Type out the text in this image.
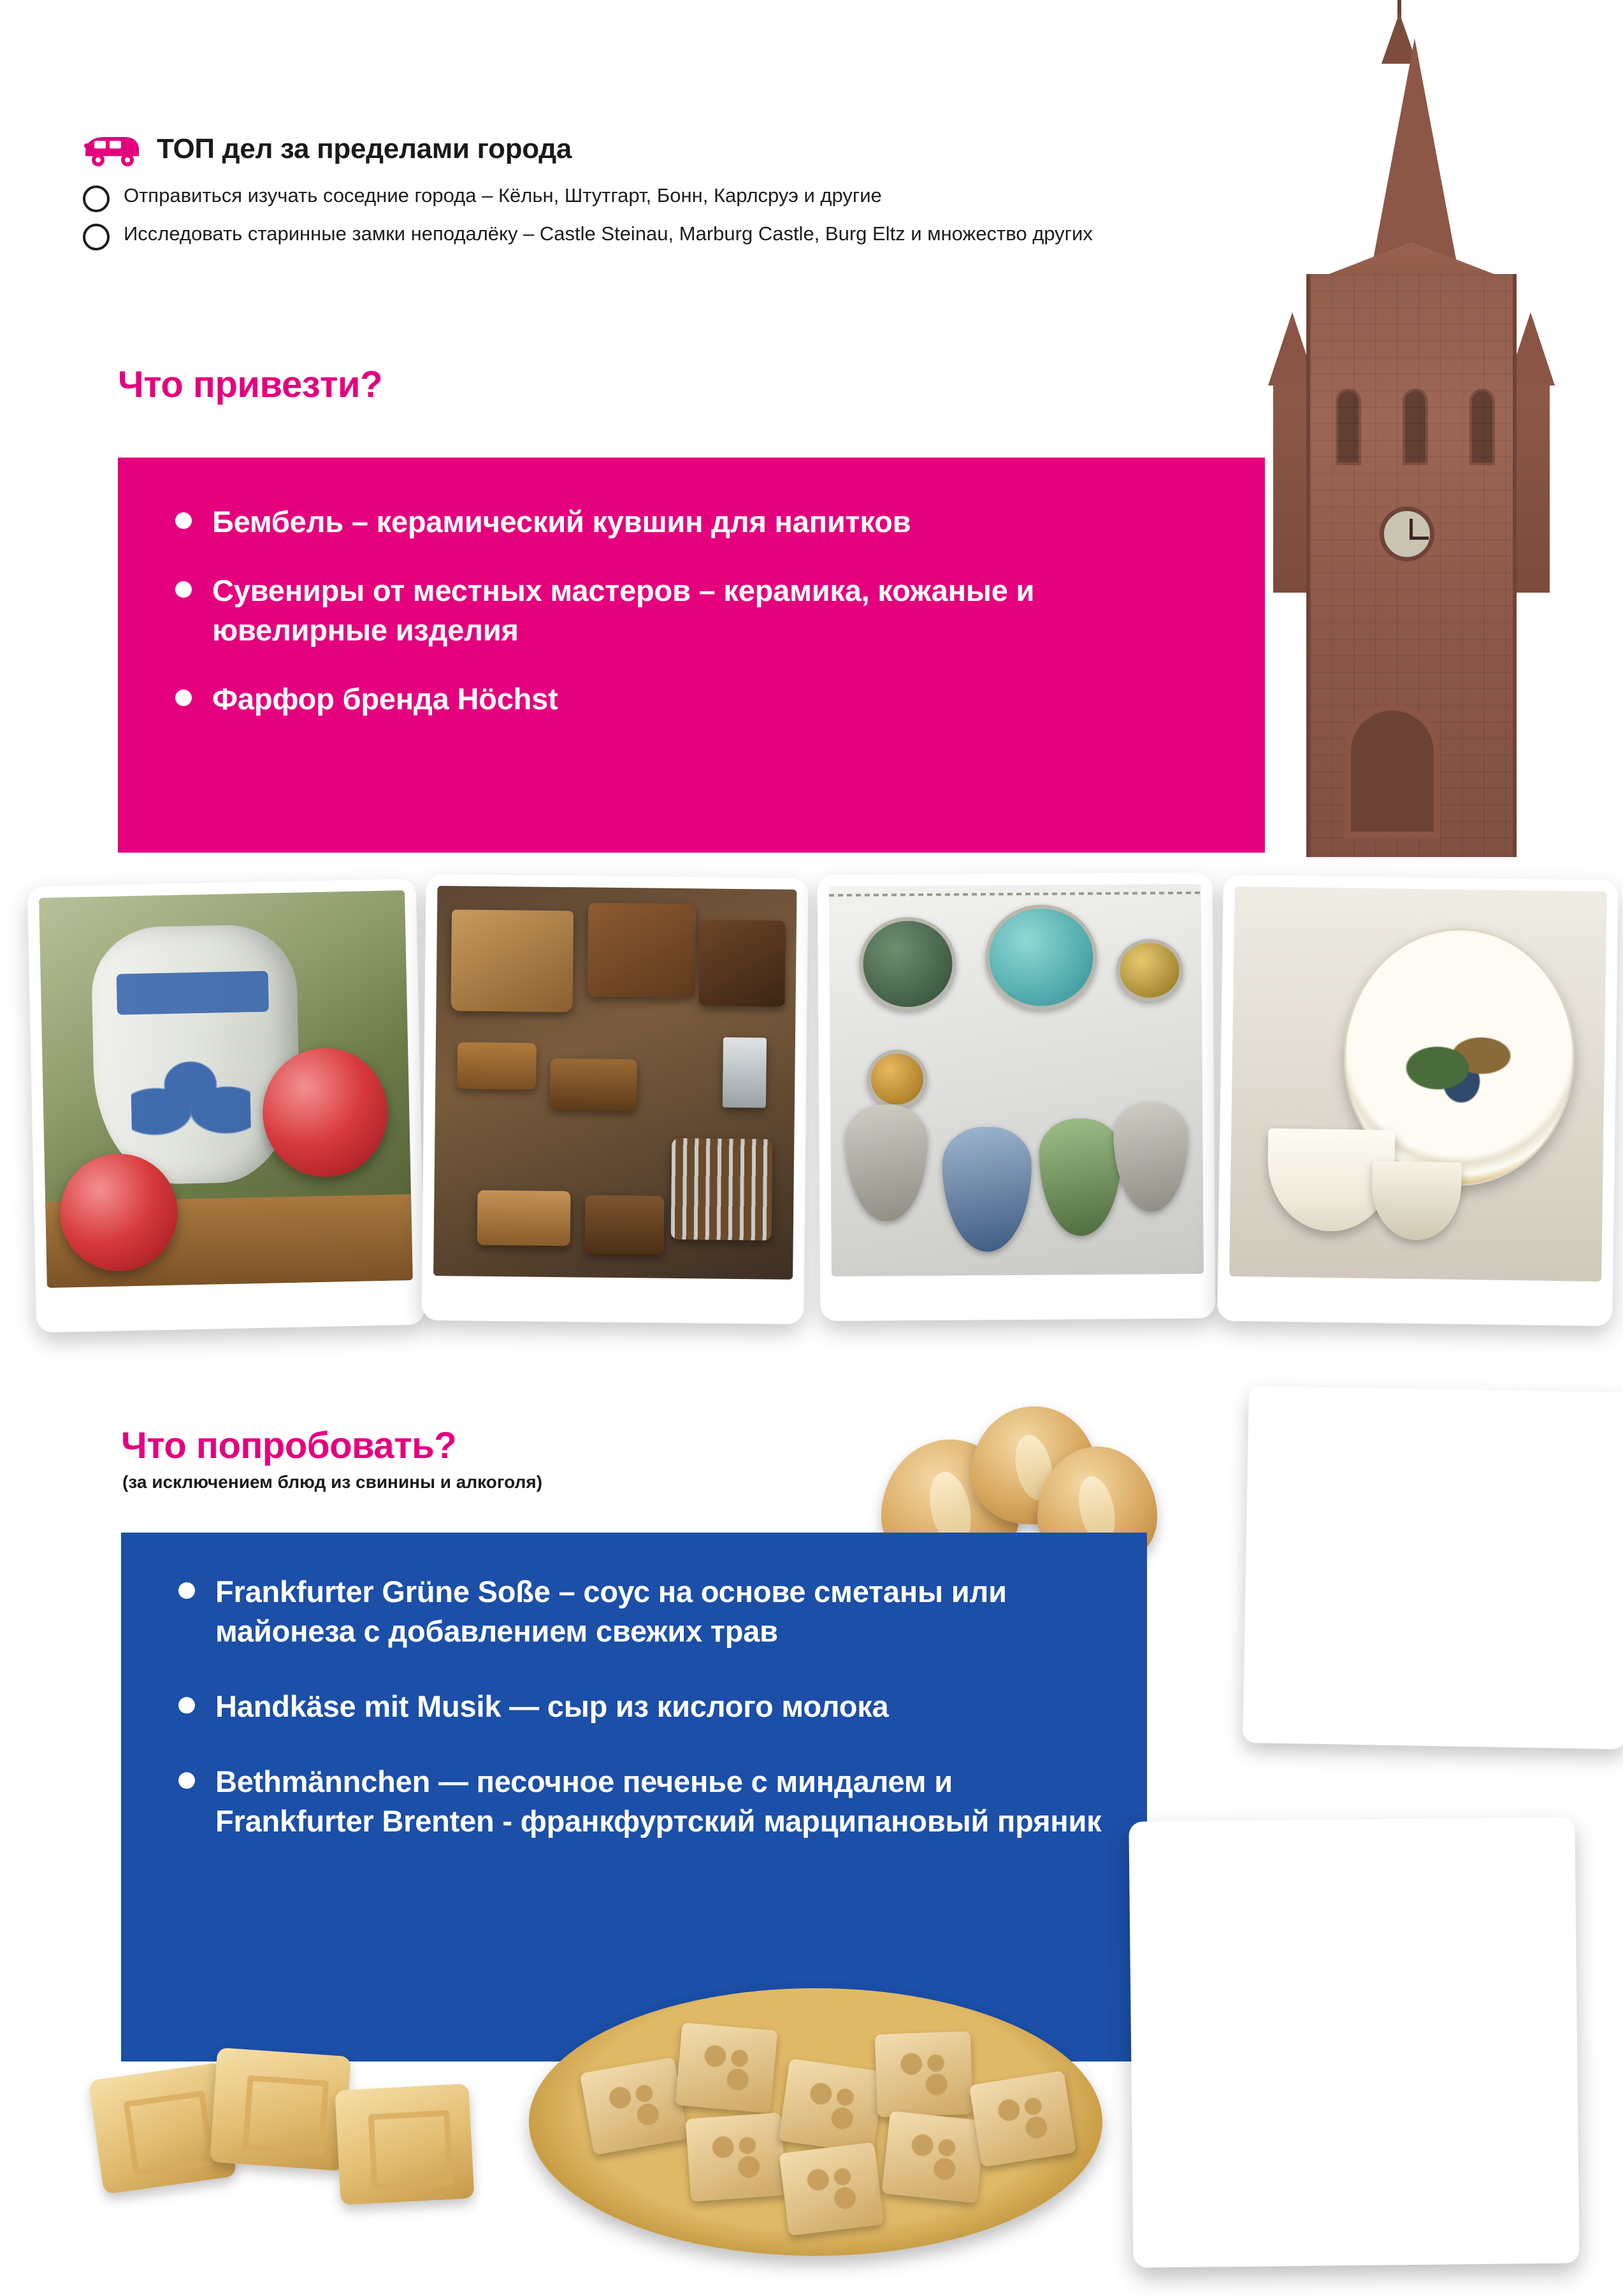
ТОП дел за пределами города
Отправиться изучать соседние города – Кёльн, Штутгарт, Бонн, Карлсруэ и другие
Исследовать старинные замки неподалёку – Castle Steinau, Marburg Castle, Burg Eltz и множество других
Что привезти?
Бембель – керамический кувшин для напитков
Сувениры от местных мастеров – керамика, кожаные и ювелирные изделия
Фарфор бренда Höchst
Что попробовать?
(за исключением блюд из свинины и алкоголя)
Frankfurter Grüne Soße – соус на основе сметаны или майонеза с добавлением свежих трав
Handkäse mit Musik — сыр из кислого молока
Bethmännchen — песочное печенье с миндалем и Frankfurter Brenten - франкфуртский марципановый пряник
